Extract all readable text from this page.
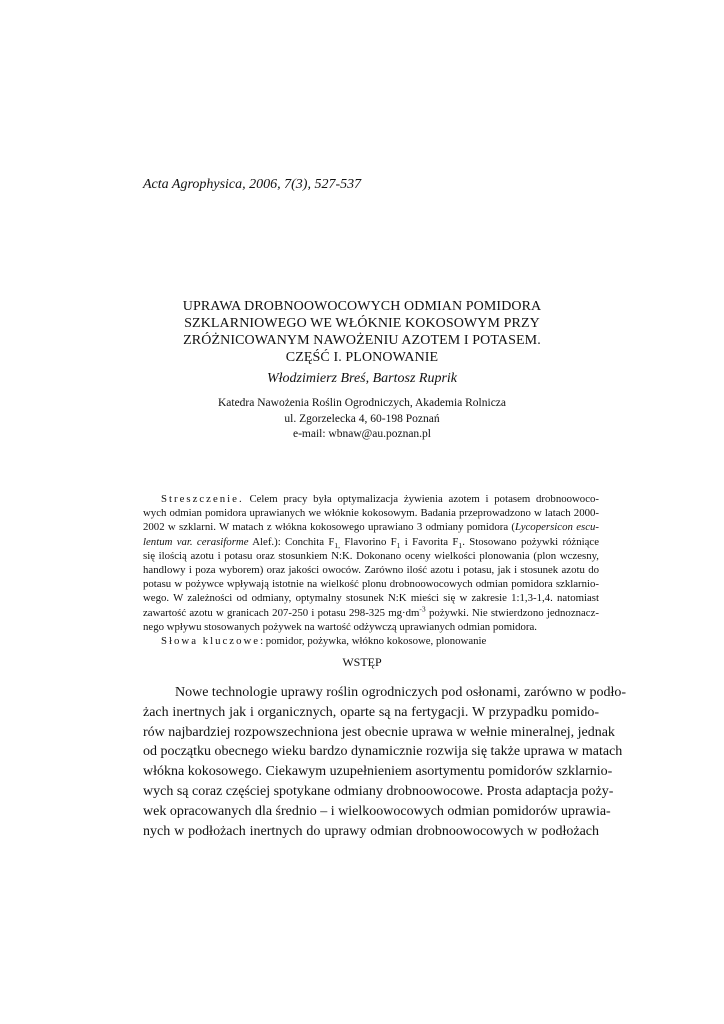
Acta Agrophysica, 2006, 7(3), 527-537
UPRAWA DROBNOOWOCOWYCH ODMIAN POMIDORA
SZKLARNIOWEGO WE WŁÓKNIE KOKOSOWYM PRZY
ZRÓŻNICOWANYM NAWOŻENIU AZOTEM I POTASEM.
CZĘŚĆ I. PLONOWANIE
Włodzimierz Breś, Bartosz Ruprik
Katedra Nawożenia Roślin Ogrodniczych, Akademia Rolnicza
ul. Zgorzelecka 4, 60-198 Poznań
e-mail: wbnaw@au.poznan.pl
Streszczenie. Celem pracy była optymalizacja żywienia azotem i potasem drobnoowoco-
wych odmian pomidora uprawianych we włóknie kokosowym. Badania przeprowadzono w latach 2000-
2002 w szklarni. W matach z włókna kokosowego uprawiano 3 odmiany pomidora (Lycopersicon escu-
lentum var. cerasiforme Alef.): Conchita $F_{1,}$ Flavorino $F_1$ i Favorita $F_1$. Stosowano pożywki różniące
się ilością azotu i potasu oraz stosunkiem N:K. Dokonano oceny wielkości plonowania (plon wczesny,
handlowy i poza wyborem) oraz jakości owoców. Zarówno ilość azotu i potasu, jak i stosunek azotu do
potasu w pożywce wpływają istotnie na wielkość plonu drobnoowocowych odmian pomidora szklarnio-
wego. W zależności od odmiany, optymalny stosunek N:K mieści się w zakresie 1:1,3-1,4. natomiast
zawartość azotu w granicach 207-250 i potasu 298-325 $mg\cdot dm^{-3}$ pożywki. Nie stwierdzono jednoznacz-
nego wpływu stosowanych pożywek na wartość odżywczą uprawianych odmian pomidora.
Słowa kluczowe: pomidor, pożywka, włókno kokosowe, plonowanie
WSTĘP
Nowe technologie uprawy roślin ogrodniczych pod osłonami, zarówno w podło-
żach inertnych jak i organicznych, oparte są na fertygacji. W przypadku pomido-
rów najbardziej rozpowszechniona jest obecnie uprawa w wełnie mineralnej, jednak
od początku obecnego wieku bardzo dynamicznie rozwija się także uprawa w matach
włókna kokosowego. Ciekawym uzupełnieniem asortymentu pomidorów szklarnio-
wych są coraz częściej spotykane odmiany drobnoowocowe. Prosta adaptacja poży-
wek opracowanych dla średnio – i wielkoowocowych odmian pomidorów uprawia-
nych w podłożach inertnych do uprawy odmian drobnoowocowych w podłożach
